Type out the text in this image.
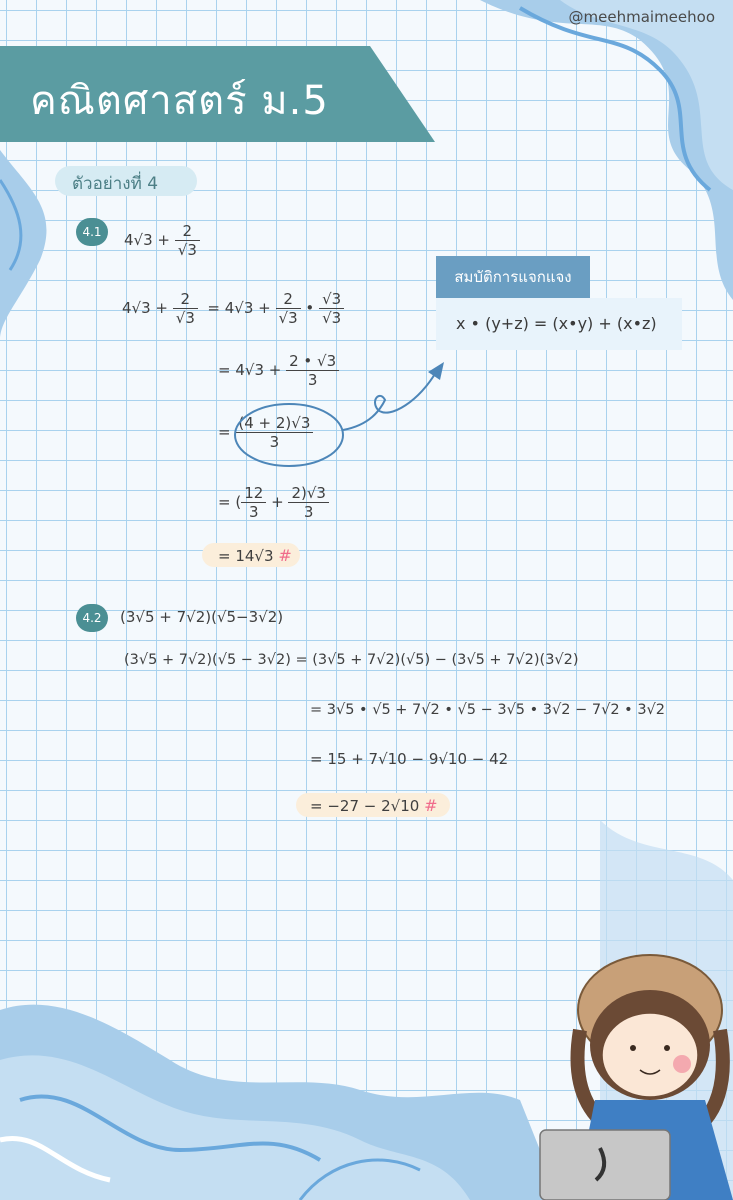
@meehmaimeehoo
คณิตศาสตร์ ม.5
ตัวอย่างที่ 4
4.1	$4√3 + \frac{2}{√3}$
$4√3 + \frac{2}{√3} = 4√3 + \frac{2}{√3}$ • $\frac{√3}{√3}$
= $4√3 + \frac{2 • √3}{3}$
= $\frac{(4 + 2)√3}{3}$
= ( $\frac{12}{3} + \frac{2)√3}{3}$
= 14√3 #
สมบัติการแจกแจง
x • (y+z) = (x•y) + (x•z)
4.2	(3√5 + 7√2)(√5−3√2)
(3√5 + 7√2)(√5 − 3√2) = (3√5 + 7√2)(√5) − (3√5 + 7√2)(3√2)
= 3√5 • √5 + 7√2 • √5 − 3√5 • 3√2 − 7√2 • 3√2
= 15 + 7√10 − 9√10 − 42
= −27 − 2√10 #
